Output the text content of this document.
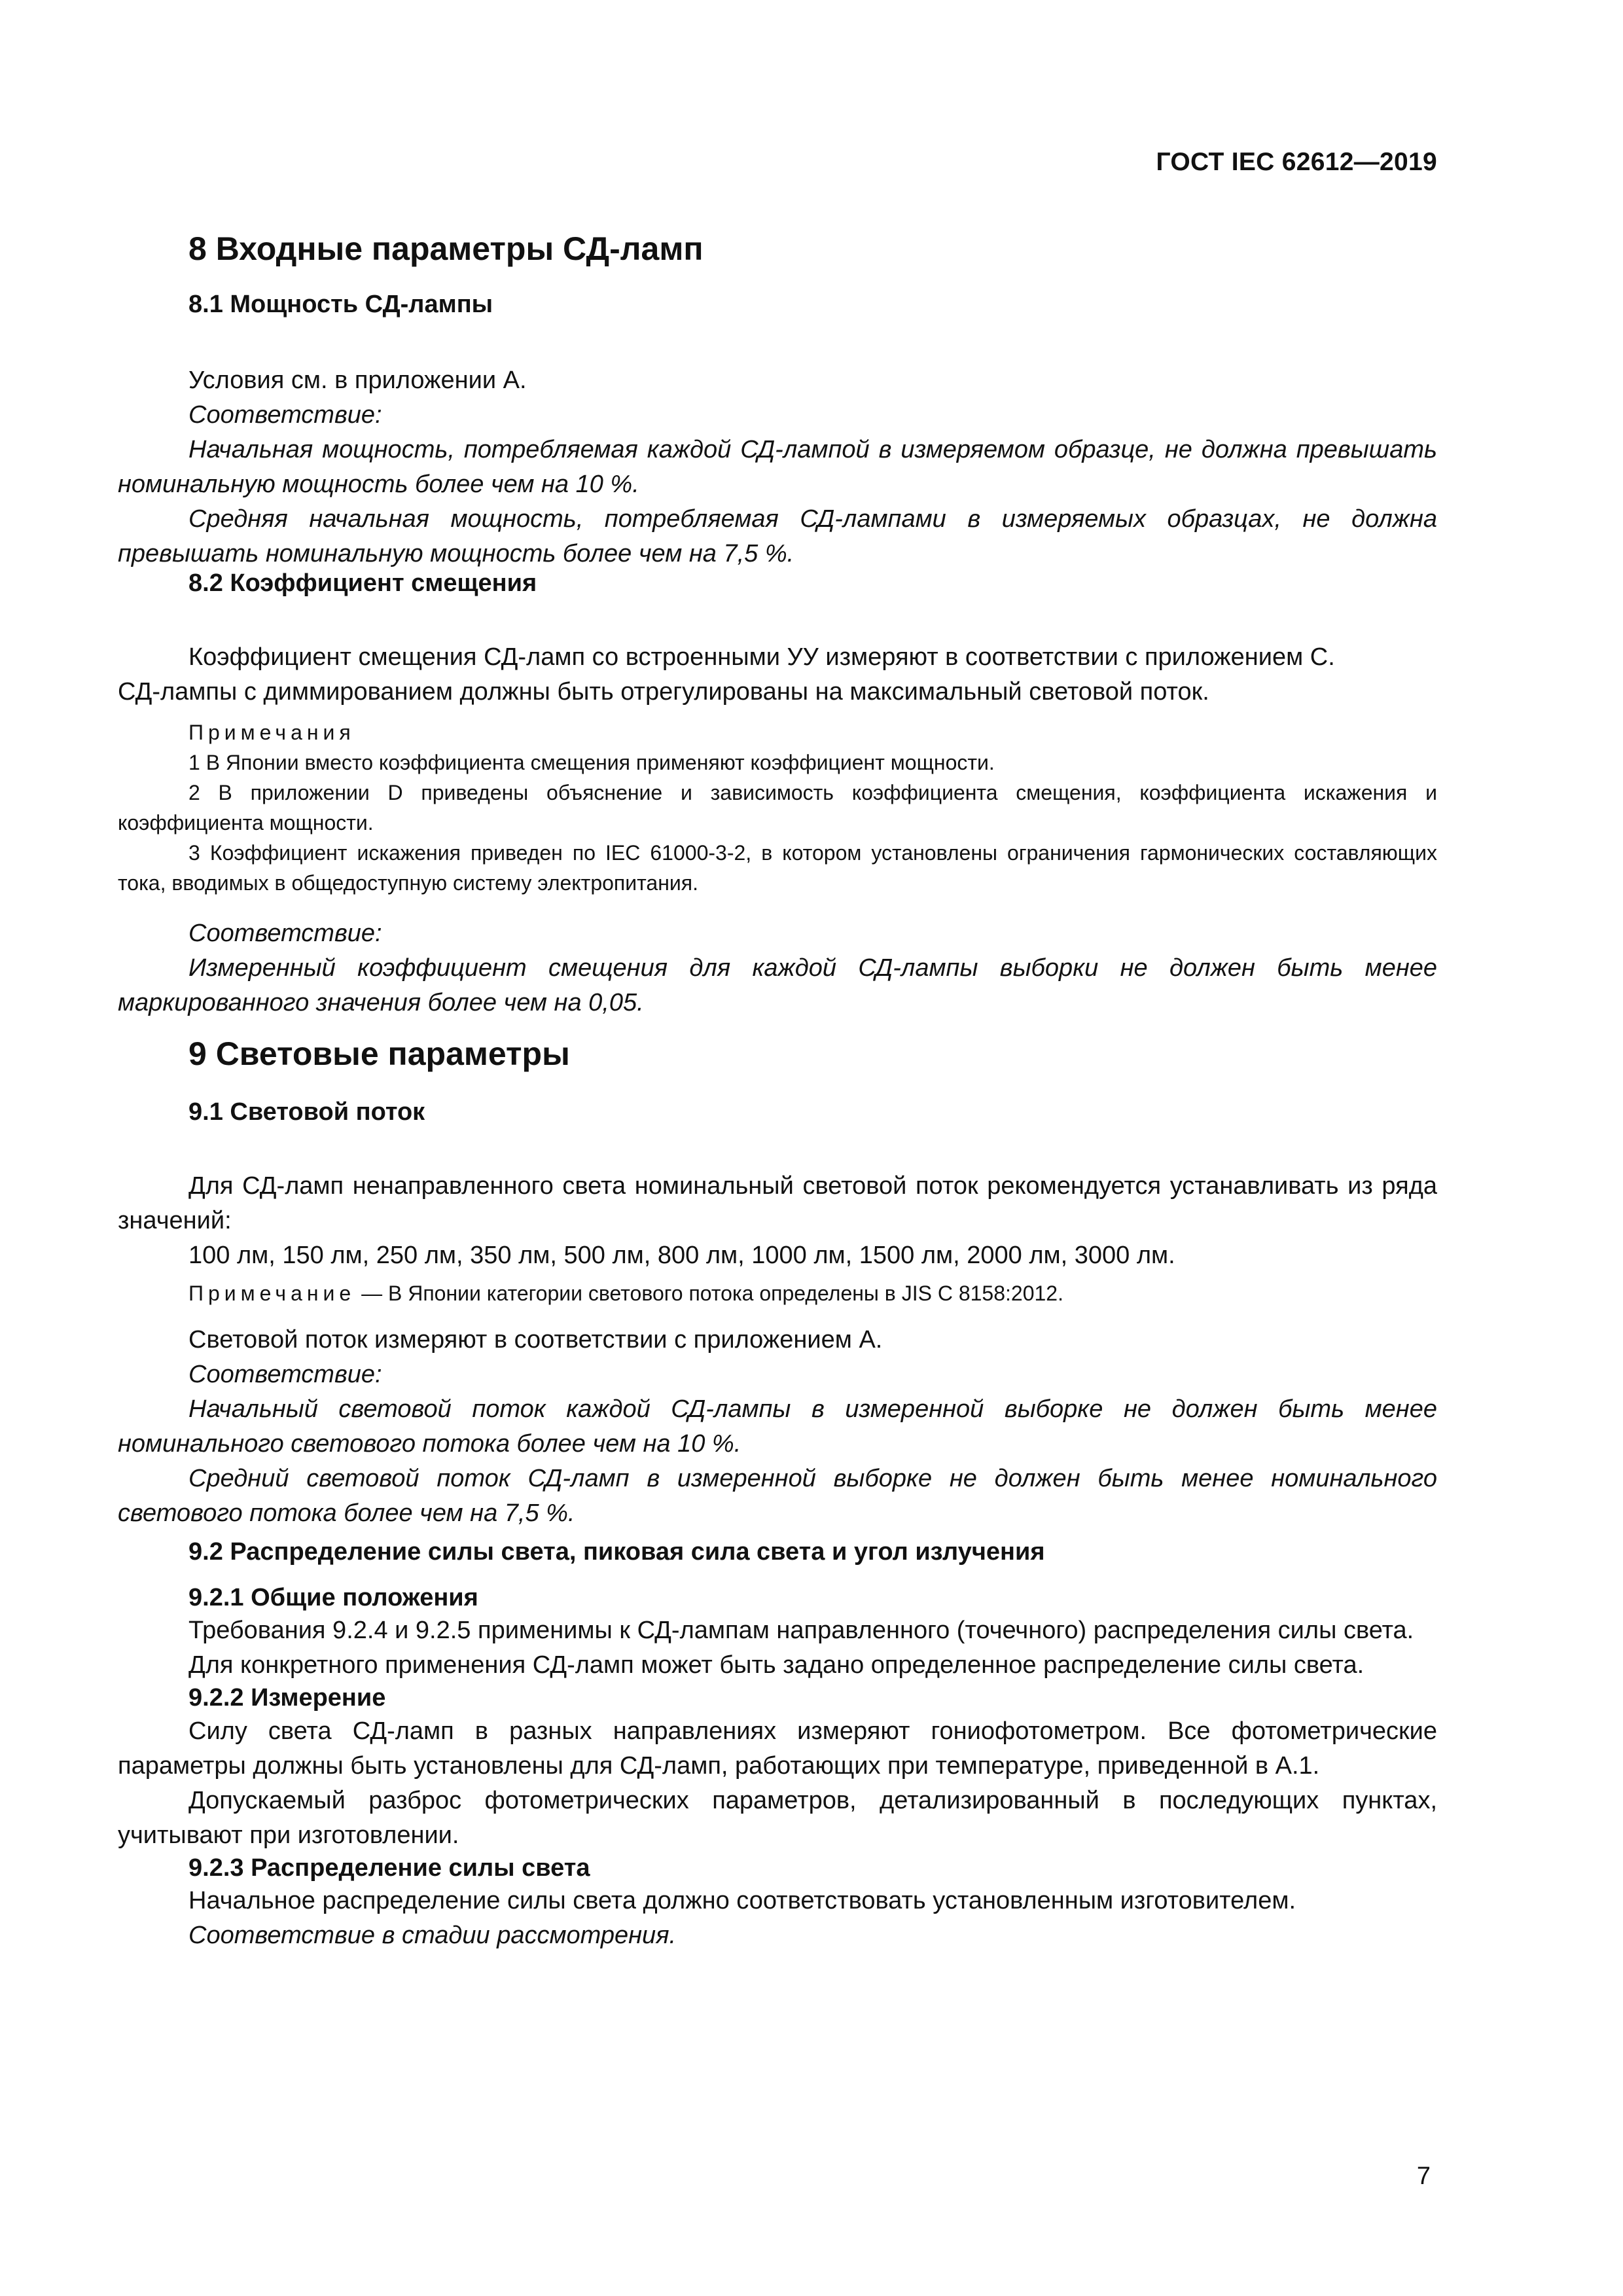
ГОСТ IEC 62612—2019
8 Входные параметры СД-ламп
8.1 Мощность СД-лампы

Условия см. в приложении А.

Соответствие:

Начальная мощность, потребляемая каждой СД-лампой в измеряемом образце, не должна превышать номинальную мощность более чем на 10 %.

Средняя начальная мощность, потребляемая СД-лампами в измеряемых образцах, не должна превышать номинальную мощность более чем на 7,5 %.

8.2 Коэффициент смещения

Коэффициент смещения СД-ламп со встроенными УУ измеряют в соответствии с приложением С.

СД-лампы с диммированием должны быть отрегулированы на максимальный световой поток.

Примечания

1 В Японии вместо коэффициента смещения применяют коэффициент мощности.

2 В приложении D приведены объяснение и зависимость коэффициента смещения, коэффициента искажения и коэффициента мощности.

3 Коэффициент искажения приведен по IEC 61000-3-2, в котором установлены ограничения гармонических составляющих тока, вводимых в общедоступную систему электропитания.

Соответствие:

Измеренный коэффициент смещения для каждой СД-лампы выборки не должен быть менее маркированного значения более чем на 0,05.

9 Световые параметры
9.1 Световой поток

Для СД-ламп ненаправленного света номинальный световой поток рекомендуется устанавливать из ряда значений:

100 лм, 150 лм, 250 лм, 350 лм, 500 лм, 800 лм, 1000 лм, 1500 лм, 2000 лм, 3000 лм.

Примечание — В Японии категории светового потока определены в JIS C 8158:2012.

Световой поток измеряют в соответствии с приложением А.

Соответствие:

Начальный световой поток каждой СД-лампы в измеренной выборке не должен быть менее номинального светового потока более чем на 10 %.

Средний световой поток СД-ламп в измеренной выборке не должен быть менее номинального светового потока более чем на 7,5 %.

9.2 Распределение силы света, пиковая сила света и угол излучения
9.2.1 Общие положения

Требования 9.2.4 и 9.2.5 применимы к СД-лампам направленного (точечного) распределения силы света.

Для конкретного применения СД-ламп может быть задано определенное распределение силы света.

9.2.2 Измерение

Силу света СД-ламп в разных направлениях измеряют гониофотометром. Все фотометрические параметры должны быть установлены для СД-ламп, работающих при температуре, приведенной в А.1.

Допускаемый разброс фотометрических параметров, детализированный в последующих пунктах, учитывают при изготовлении.

9.2.3 Распределение силы света

Начальное распределение силы света должно соответствовать установленным изготовителем.

Соответствие в стадии рассмотрения.

7
